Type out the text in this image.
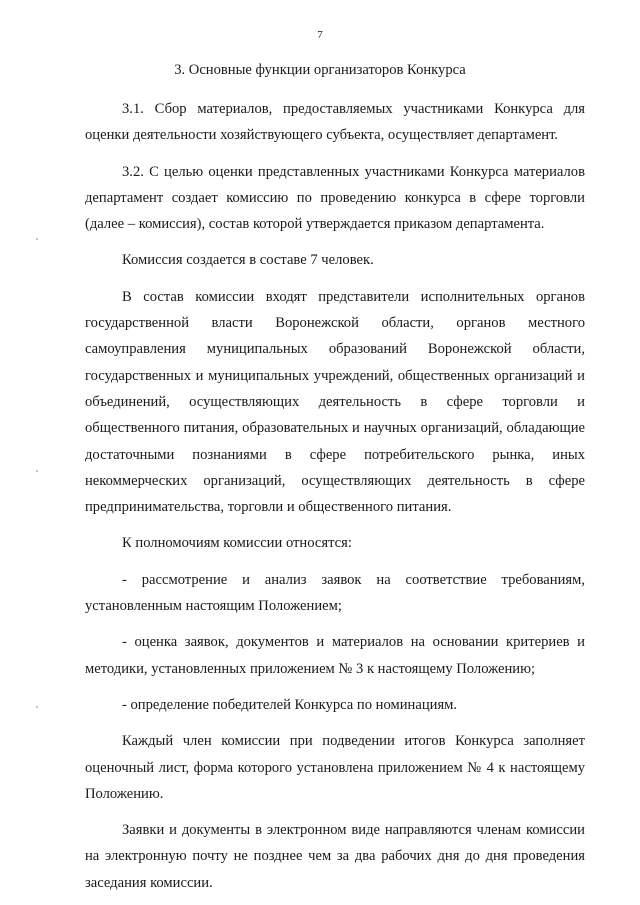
7
3. Основные функции организаторов Конкурса

3.1. Сбор материалов, предоставляемых участниками Конкурса для оценки деятельности хозяйствующего субъекта, осуществляет департамент.

3.2. С целью оценки представленных участниками Конкурса материалов департамент создает комиссию по проведению конкурса в сфере торговли (далее – комиссия), состав которой утверждается приказом департамента.

Комиссия создается в составе 7 человек.

В состав комиссии входят представители исполнительных органов государственной власти Воронежской области, органов местного самоуправления муниципальных образований Воронежской области, государственных и муниципальных учреждений, общественных организаций и объединений, осуществляющих деятельность в сфере торговли и общественного питания, образовательных и научных организаций, обладающие достаточными познаниями в сфере потребительского рынка, иных некоммерческих организаций, осуществляющих деятельность в сфере предпринимательства, торговли и общественного питания.

К полномочиям комиссии относятся:

- рассмотрение и анализ заявок на соответствие требованиям, установленным настоящим Положением;

- оценка заявок, документов и материалов на основании критериев и методики, установленных приложением № 3 к настоящему Положению;

- определение победителей Конкурса по номинациям.

Каждый член комиссии при подведении итогов Конкурса заполняет оценочный лист, форма которого установлена приложением № 4 к настоящему Положению.

Заявки и документы в электронном виде направляются членам комиссии на электронную почту не позднее чем за два рабочих дня до дня проведения заседания комиссии.
